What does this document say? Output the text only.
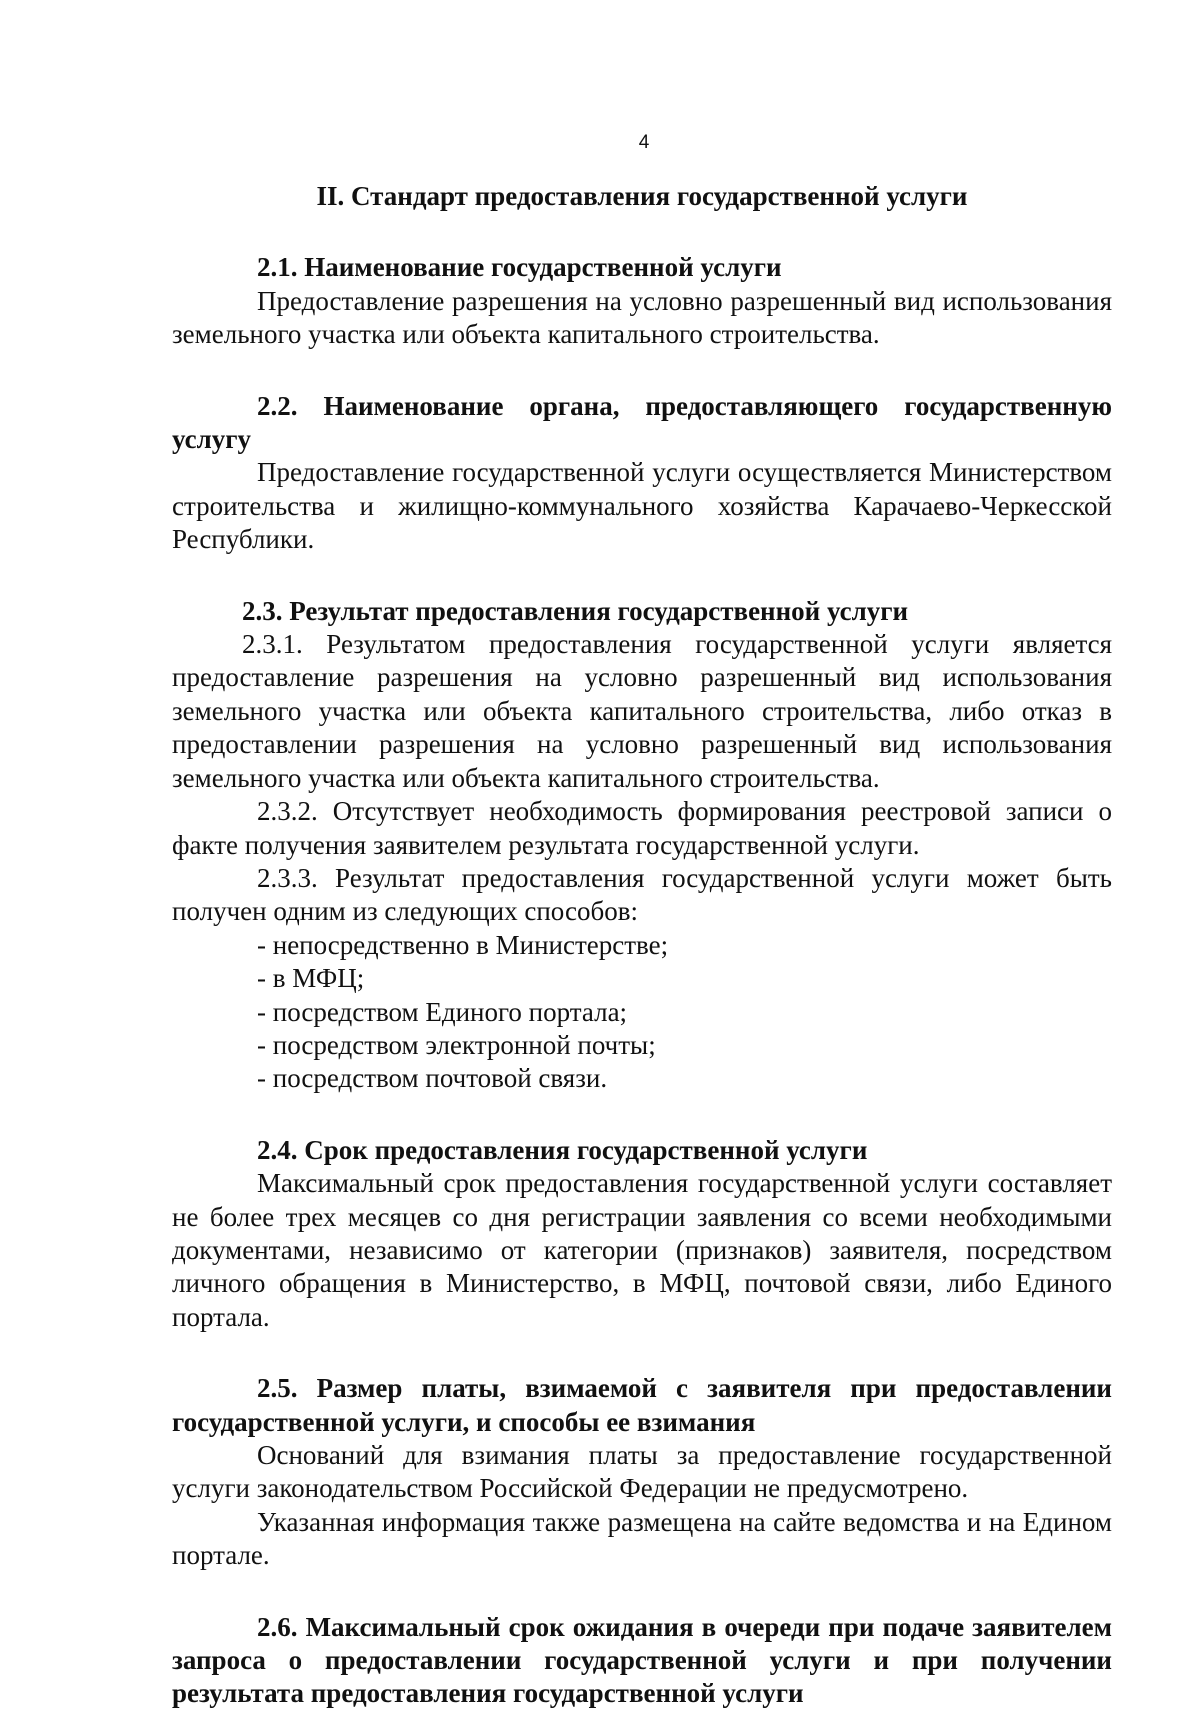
4

II. Стандарт предоставления государственной услуги

2.1. Наименование государственной услуги

Предоставление разрешения на условно разрешенный вид использования земельного участка или объекта капитального строительства.

2.2. Наименование органа, предоставляющего государственную услугу

Предоставление государственной услуги осуществляется Министерством строительства и жилищно-коммунального хозяйства Карачаево-Черкесской Республики.

2.3. Результат предоставления государственной услуги

2.3.1. Результатом предоставления государственной услуги является предоставление разрешения на условно разрешенный вид использования земельного участка или объекта капитального строительства, либо отказ в предоставлении разрешения на условно разрешенный вид использования земельного участка или объекта капитального строительства.

2.3.2. Отсутствует необходимость формирования реестровой записи о факте получения заявителем результата государственной услуги.

2.3.3. Результат предоставления государственной услуги может быть получен одним из следующих способов:

- непосредственно в Министерстве;

- в МФЦ;

- посредством Единого портала;

- посредством электронной почты;

- посредством почтовой связи.

2.4. Срок предоставления государственной услуги

Максимальный срок предоставления государственной услуги составляет не более трех месяцев со дня регистрации заявления со всеми необходимыми документами, независимо от категории (признаков) заявителя, посредством личного обращения в Министерство, в МФЦ, почтовой связи, либо Единого портала.

2.5. Размер платы, взимаемой с заявителя при предоставлении государственной услуги, и способы ее взимания

Оснований для взимания платы за предоставление государственной услуги законодательством Российской Федерации не предусмотрено.

Указанная информация также размещена на сайте ведомства и на Едином портале.

2.6. Максимальный срок ожидания в очереди при подаче заявителем запроса о предоставлении государственной услуги и при получении результата предоставления государственной услуги
